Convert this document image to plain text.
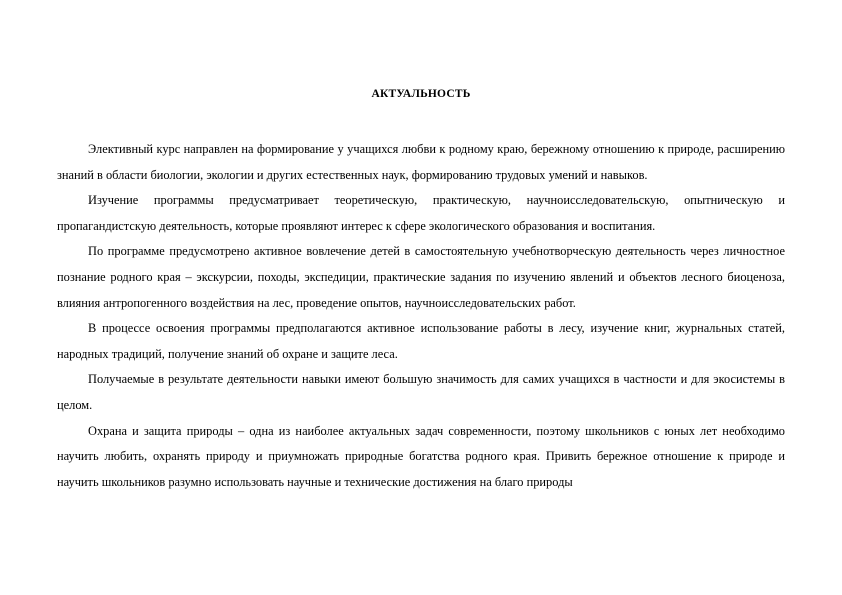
АКТУАЛЬНОСТЬ

Элективный курс направлен на формирование у учащихся любви к родному краю, бережному отношению к природе, расширению знаний в области биологии, экологии и других естественных наук, формированию трудовых умений и навыков.

Изучение программы предусматривает теоретическую, практическую, научноисследовательскую, опытническую и пропагандистскую деятельность, которые проявляют интерес к сфере экологического образования и воспитания.

По программе предусмотрено активное вовлечение детей в самостоятельную учебнотворческую деятельность через личностное познание родного края – экскурсии, походы, экспедиции, практические задания по изучению явлений и объектов лесного биоценоза, влияния антропогенного воздействия на лес, проведение опытов, научноисследовательских работ.

В процессе освоения программы предполагаются активное использование работы в лесу, изучение книг, журнальных статей, народных традиций, получение знаний об охране и защите леса.

Получаемые в результате деятельности навыки имеют большую значимость для самих учащихся в частности и для экосистемы в целом.

Охрана и защита природы – одна из наиболее актуальных задач современности, поэтому школьников с юных лет необходимо научить любить, охранять природу и приумножать природные богатства родного края. Привить бережное отношение к природе и научить школьников разумно использовать научные и технические достижения на благо природы
